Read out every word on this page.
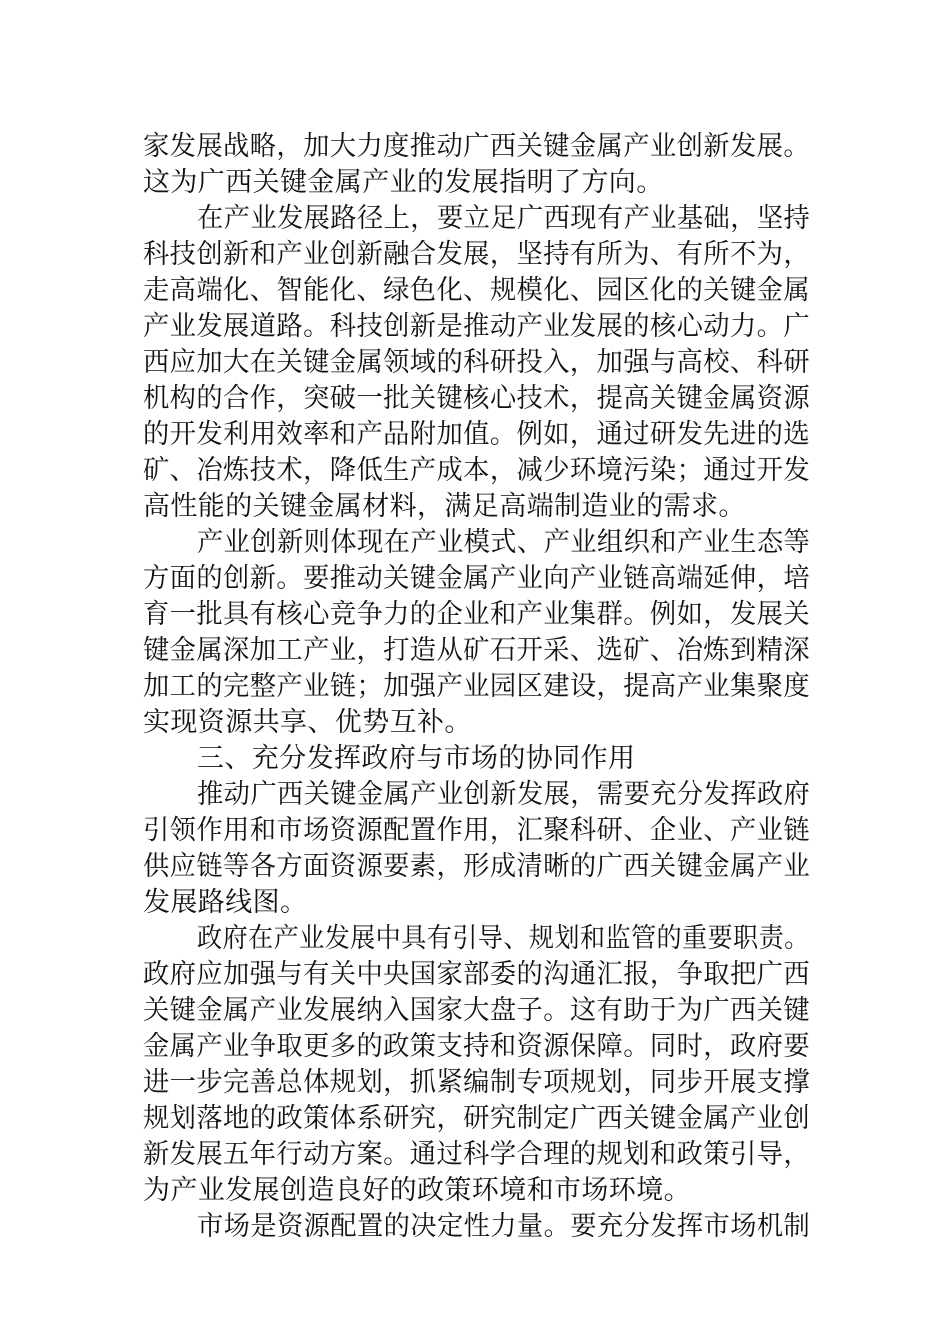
家发展战略，加大力度推动广西关键金属产业创新发展。
这为广西关键金属产业的发展指明了方向。
在产业发展路径上，要立足广西现有产业基础，坚持
科技创新和产业创新融合发展，坚持有所为、有所不为，
走高端化、智能化、绿色化、规模化、园区化的关键金属
产业发展道路。科技创新是推动产业发展的核心动力。广
西应加大在关键金属领域的科研投入，加强与高校、科研
机构的合作，突破一批关键核心技术，提高关键金属资源
的开发利用效率和产品附加值。例如，通过研发先进的选
矿、冶炼技术，降低生产成本，减少环境污染；通过开发
高性能的关键金属材料，满足高端制造业的需求。
产业创新则体现在产业模式、产业组织和产业生态等
方面的创新。要推动关键金属产业向产业链高端延伸，培
育一批具有核心竞争力的企业和产业集群。例如，发展关
键金属深加工产业，打造从矿石开采、选矿、冶炼到精深
加工的完整产业链；加强产业园区建设，提高产业集聚度
实现资源共享、优势互补。
三、充分发挥政府与市场的协同作用
推动广西关键金属产业创新发展，需要充分发挥政府
引领作用和市场资源配置作用，汇聚科研、企业、产业链
供应链等各方面资源要素，形成清晰的广西关键金属产业
发展路线图。
政府在产业发展中具有引导、规划和监管的重要职责。
政府应加强与有关中央国家部委的沟通汇报，争取把广西
关键金属产业发展纳入国家大盘子。这有助于为广西关键
金属产业争取更多的政策支持和资源保障。同时，政府要
进一步完善总体规划，抓紧编制专项规划，同步开展支撑
规划落地的政策体系研究，研究制定广西关键金属产业创
新发展五年行动方案。通过科学合理的规划和政策引导，
为产业发展创造良好的政策环境和市场环境。
市场是资源配置的决定性力量。要充分发挥市场机制
